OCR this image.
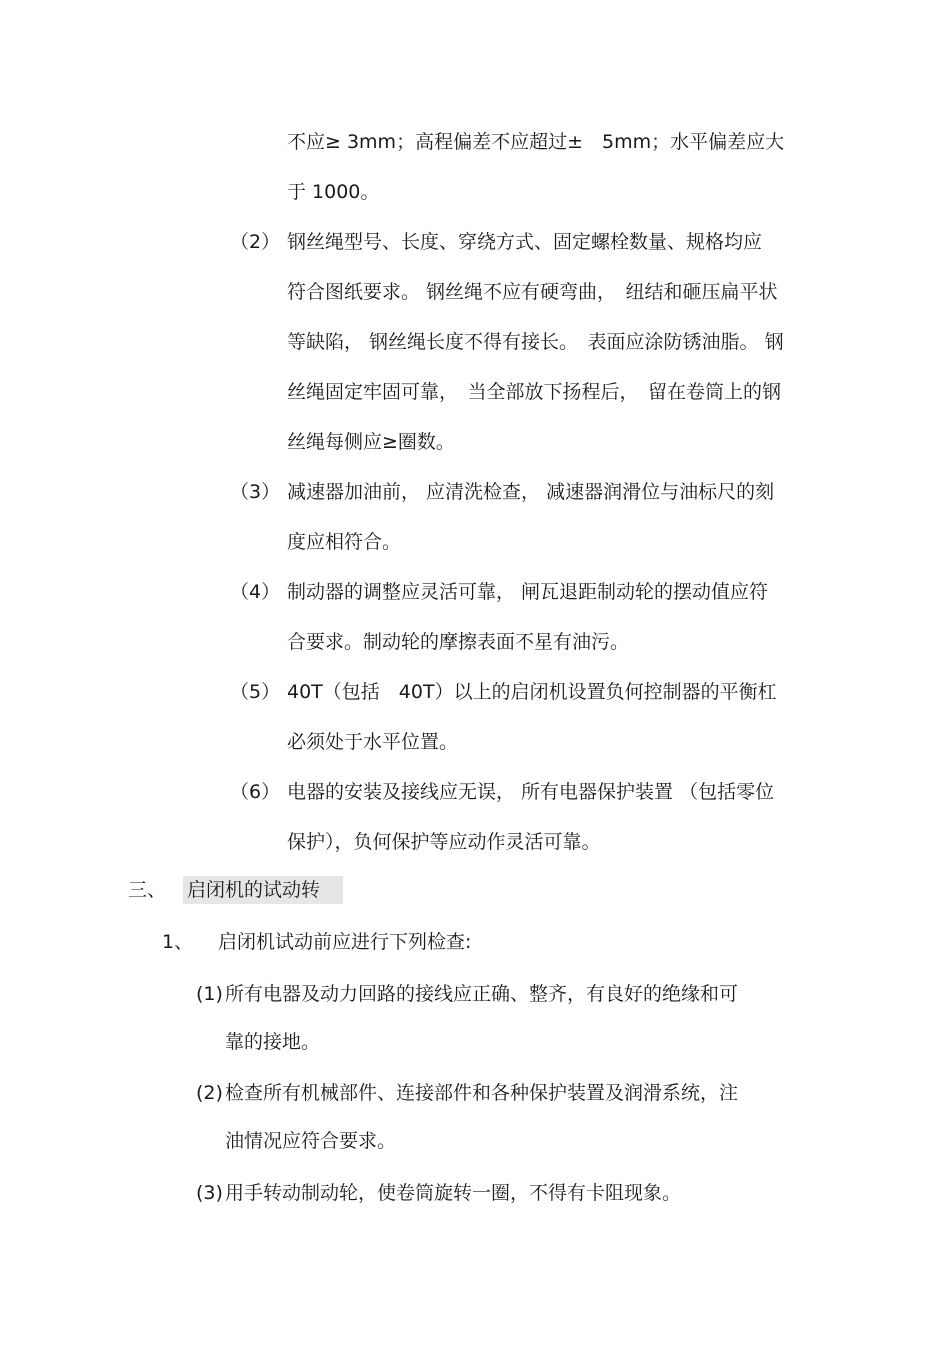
不应≥ 3mm；高程偏差不应超过±　5mm；水平偏差应大
于 1000。
（2） 钢丝绳型号、长度、穿绕方式、固定螺栓数量、规格均应
符合图纸要求。 钢丝绳不应有硬弯曲，　纽结和砸压扁平状
等缺陷， 钢丝绳长度不得有接长。　表面应涂防锈油脂。 钢
丝绳固定牢固可靠，　当全部放下扬程后，　留在卷筒上的钢
丝绳每侧应≥圈数。
（3） 减速器加油前， 应清洗检查， 减速器润滑位与油标尺的刻
度应相符合。
（4） 制动器的调整应灵活可靠， 闸瓦退距制动轮的摆动值应符
合要求。制动轮的摩擦表面不星有油污。
（5） 40T（包括　40T）以上的启闭机设置负何控制器的平衡杠
必须处于水平位置。
（6） 电器的安装及接线应无误， 所有电器保护装置 （包括零位
保护），负何保护等应动作灵活可靠。
三、 启闭机的试动转
1、 启闭机试动前应进行下列检查:
(1) 所有电器及动力回路的接线应正确、整齐，有良好的绝缘和可
靠的接地。
(2) 检查所有机械部件、连接部件和各种保护装置及润滑系统，注
油情况应符合要求。
(3) 用手转动制动轮，使卷筒旋转一圈，不得有卡阻现象。
